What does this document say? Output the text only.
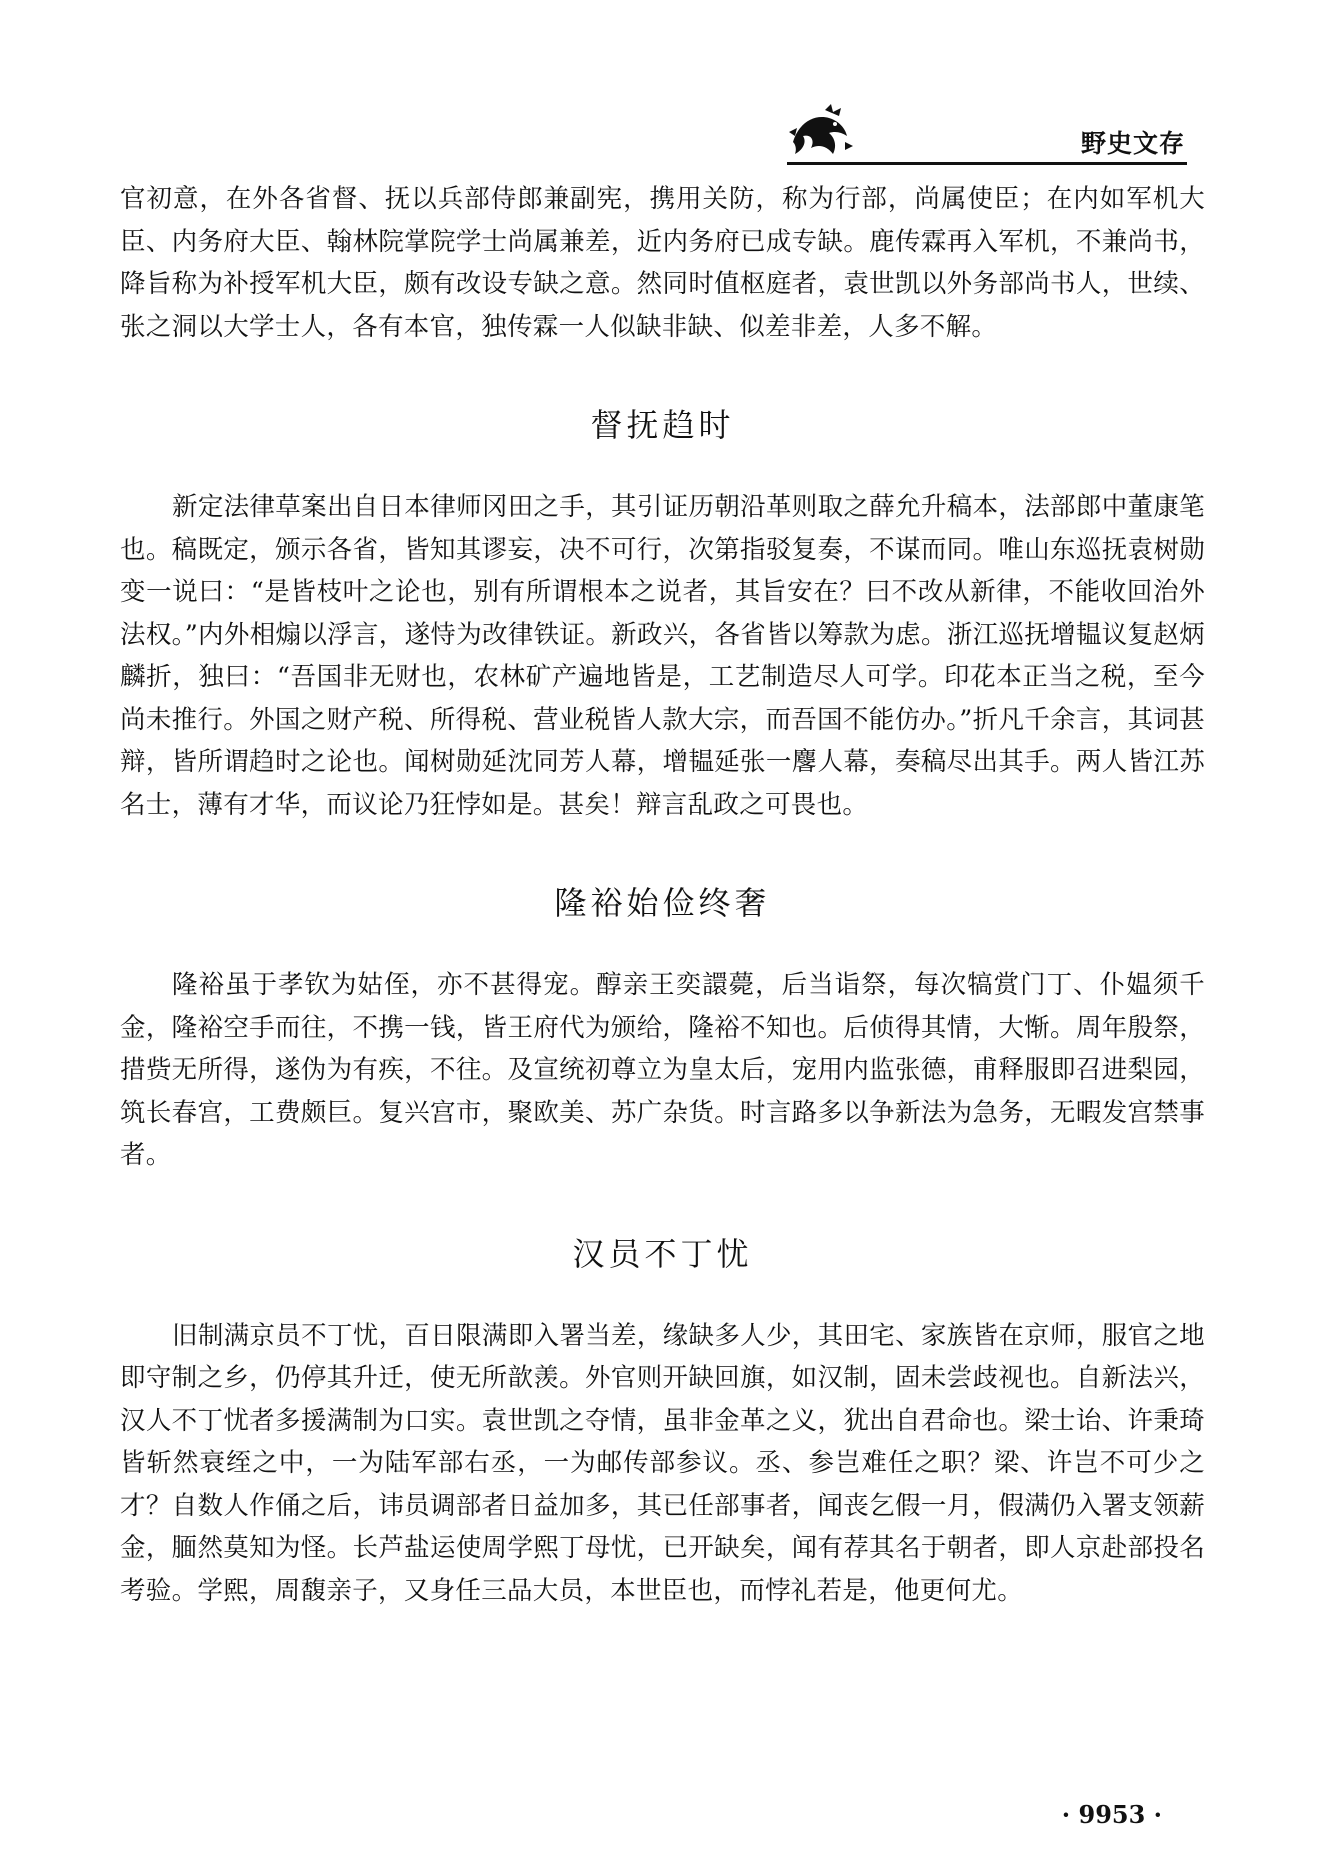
野史文存

官初意，在外各省督、抚以兵部侍郎兼副宪，携用关防，称为行部，尚属使臣；在内如军机大臣、内务府大臣、翰林院掌院学士尚属兼差，近内务府已成专缺。鹿传霖再入军机，不兼尚书，降旨称为补授军机大臣，颇有改设专缺之意。然同时值枢庭者，袁世凯以外务部尚书人，世续、张之洞以大学士人，各有本官，独传霖一人似缺非缺、似差非差，人多不解。

督抚趋时

新定法律草案出自日本律师冈田之手，其引证历朝沿革则取之薛允升稿本，法部郎中董康笔也。稿既定，颁示各省，皆知其谬妄，决不可行，次第指驳复奏，不谋而同。唯山东巡抚袁树勋变一说曰：“是皆枝叶之论也，别有所谓根本之说者，其旨安在？曰不改从新律，不能收回治外法权。”内外相煽以浮言，遂恃为改律铁证。新政兴，各省皆以筹款为虑。浙江巡抚增韫议复赵炳麟折，独曰：“吾国非无财也，农林矿产遍地皆是，工艺制造尽人可学。印花本正当之税，至今尚未推行。外国之财产税、所得税、营业税皆人款大宗，而吾国不能仿办。”折凡千余言，其词甚辩，皆所谓趋时之论也。闻树勋延沈同芳人幕，增韫延张一麐人幕，奏稿尽出其手。两人皆江苏名士，薄有才华，而议论乃狂悖如是。甚矣！辩言乱政之可畏也。

隆裕始俭终奢

隆裕虽于孝钦为姑侄，亦不甚得宠。醇亲王奕譞薨，后当诣祭，每次犒赏门丁、仆媪须千金，隆裕空手而往，不携一钱，皆王府代为颁给，隆裕不知也。后侦得其情，大惭。周年殷祭，措赀无所得，遂伪为有疾，不往。及宣统初尊立为皇太后，宠用内监张德，甫释服即召进梨园，筑长春宫，工费颇巨。复兴宫市，聚欧美、苏广杂货。时言路多以争新法为急务，无暇发宫禁事者。

汉员不丁忧

旧制满京员不丁忧，百日限满即入署当差，缘缺多人少，其田宅、家族皆在京师，服官之地即守制之乡，仍停其升迁，使无所歆羡。外官则开缺回旗，如汉制，固未尝歧视也。自新法兴，汉人不丁忧者多援满制为口实。袁世凯之夺情，虽非金革之义，犹出自君命也。梁士诒、许秉琦皆斩然衰绖之中，一为陆军部右丞，一为邮传部参议。丞、参岂难任之职？梁、许岂不可少之才？自数人作俑之后，讳员调部者日益加多，其已任部事者，闻丧乞假一月，假满仍入署支领薪金，腼然莫知为怪。长芦盐运使周学熙丁母忧，已开缺矣，闻有荐其名于朝者，即人京赴部投名考验。学熙，周馥亲子，又身任三品大员，本世臣也，而悖礼若是，他更何尤。

· 9953 ·
